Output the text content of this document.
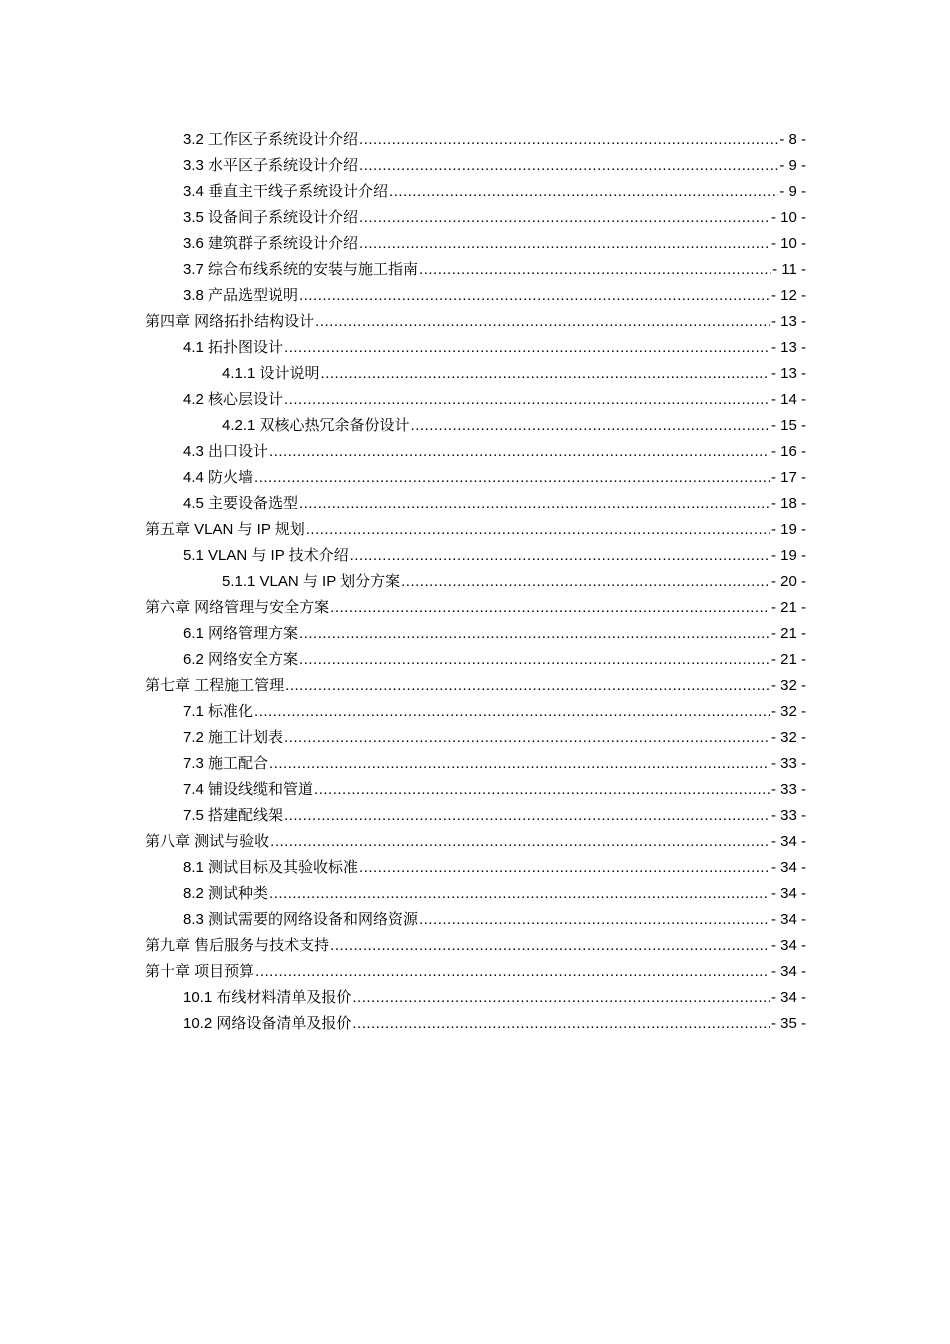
3.2 工作区子系统设计介绍 .....	- 8 -
3.3 水平区子系统设计介绍 .....	- 9 -
3.4 垂直主干线子系统设计介绍 .....	- 9 -
3.5 设备间子系统设计介绍 .....	- 10 -
3.6 建筑群子系统设计介绍 .....	- 10 -
3.7 综合布线系统的安装与施工指南 .....	- 11 -
3.8 产品选型说明 .....	- 12 -
第四章 网络拓扑结构设计 .....	- 13 -
4.1 拓扑图设计 .....	- 13 -
4.1.1 设计说明 .....	- 13 -
4.2 核心层设计 .....	- 14 -
4.2.1 双核心热冗余备份设计 .....	- 15 -
4.3 出口设计 .....	- 16 -
4.4 防火墙 .....	- 17 -
4.5 主要设备选型 .....	- 18 -
第五章 VLAN 与 IP 规划 .....	- 19 -
5.1 VLAN 与 IP 技术介绍 .....	- 19 -
5.1.1 VLAN 与 IP 划分方案 .....	- 20 -
第六章 网络管理与安全方案 .....	- 21 -
6.1 网络管理方案 .....	- 21 -
6.2 网络安全方案 .....	- 21 -
第七章 工程施工管理 .....	- 32 -
7.1 标准化 .....	- 32 -
7.2 施工计划表 .....	- 32 -
7.3 施工配合 .....	- 33 -
7.4 铺设线缆和管道 .....	- 33 -
7.5 搭建配线架 .....	- 33 -
第八章 测试与验收 .....	- 34 -
8.1 测试目标及其验收标准 .....	- 34 -
8.2 测试种类 .....	- 34 -
8.3 测试需要的网络设备和网络资源 .....	- 34 -
第九章 售后服务与技术支持 .....	- 34 -
第十章 项目预算 .....	- 34 -
10.1 布线材料清单及报价 .....	- 34 -
10.2 网络设备清单及报价 .....	- 35 -
